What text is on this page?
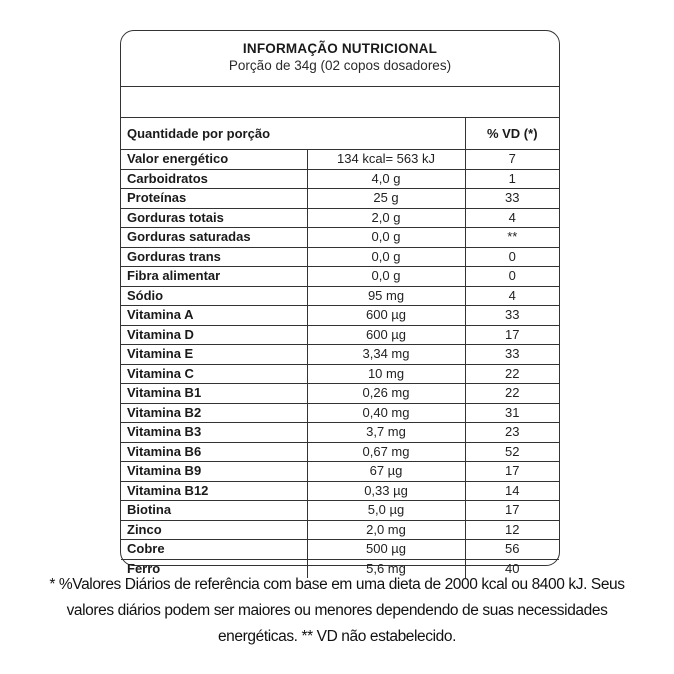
INFORMAÇÃO NUTRICIONAL
Porção de 34g (02 copos dosadores)
Quantidade por porção		% VD (*)
Valor energético	134 kcal= 563 kJ	7
Carboidratos	4,0 g	1
Proteínas	25 g	33
Gorduras totais	2,0 g	4
Gorduras saturadas	0,0 g	**
Gorduras trans	0,0 g	0
Fibra alimentar	0,0 g	0
Sódio	95 mg	4
Vitamina A	600 µg	33
Vitamina D	600 µg	17
Vitamina E	3,34 mg	33
Vitamina C	10 mg	22
Vitamina B1	0,26 mg	22
Vitamina B2	0,40 mg	31
Vitamina B3	3,7 mg	23
Vitamina B6	0,67 mg	52
Vitamina B9	67 µg	17
Vitamina B12	0,33 µg	14
Biotina	5,0 µg	17
Zinco	2,0 mg	12
Cobre	500 µg	56
Ferro	5,6 mg	40
* %Valores Diários de referência com base em uma dieta de 2000 kcal ou 8400 kJ. Seus
valores diários podem ser maiores ou menores dependendo de suas necessidades
energéticas. ** VD não estabelecido.
